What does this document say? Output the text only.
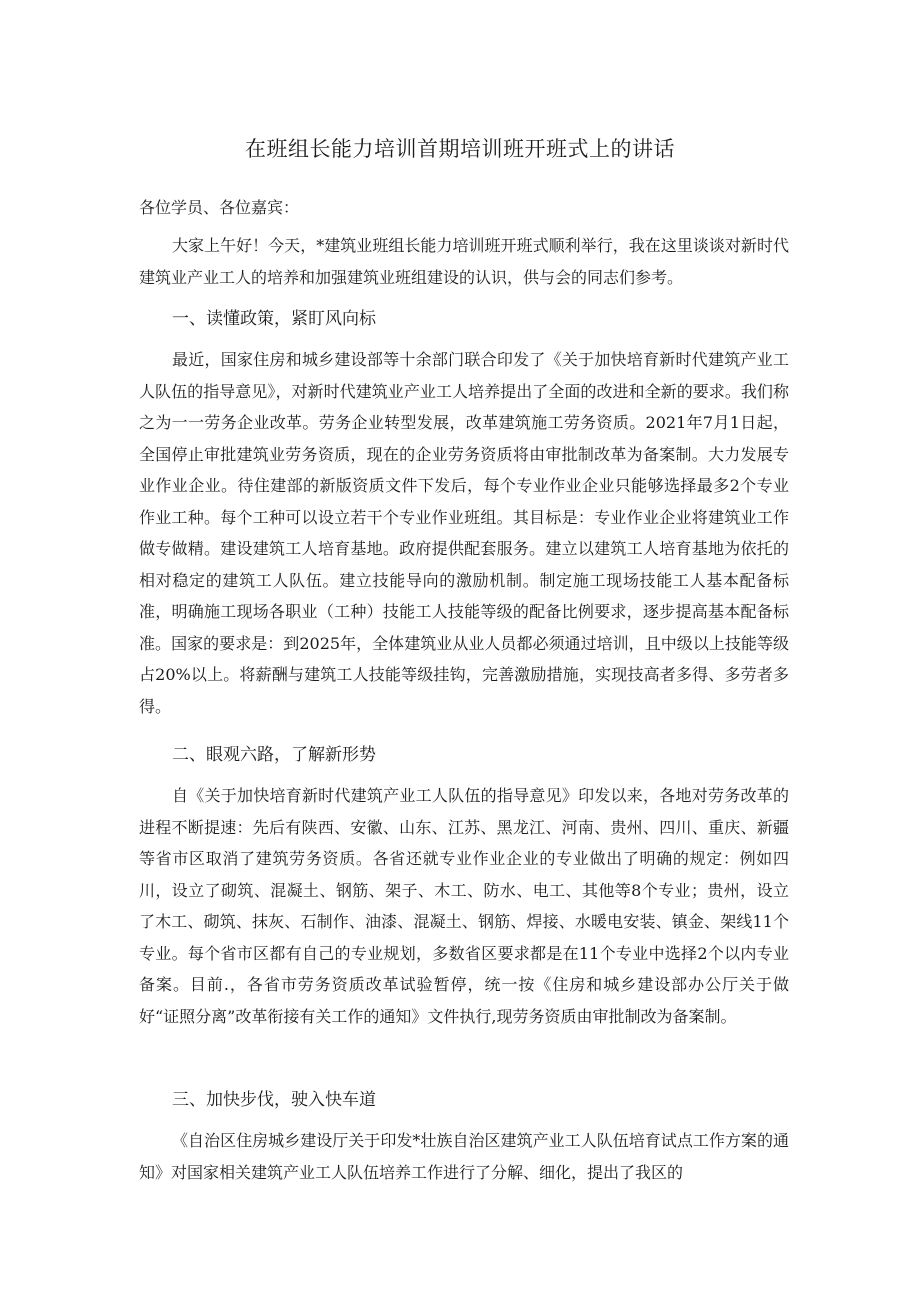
在班组长能力培训首期培训班开班式上的讲话
各位学员、各位嘉宾：

大家上午好！今天，*建筑业班组长能力培训班开班式顺利举行，我在这里谈谈对新时代建筑业产业工人的培养和加强建筑业班组建设的认识，供与会的同志们参考。

一、读懂政策，紧盯风向标

最近，国家住房和城乡建设部等十余部门联合印发了《关于加快培育新时代建筑产业工人队伍的指导意见》，对新时代建筑业产业工人培养提出了全面的改进和全新的要求。我们称之为一一劳务企业改革。劳务企业转型发展，改革建筑施工劳务资质。2021年7月1日起，全国停止审批建筑业劳务资质，现在的企业劳务资质将由审批制改革为备案制。大力发展专业作业企业。待住建部的新版资质文件下发后，每个专业作业企业只能够选择最多2个专业作业工种。每个工种可以设立若干个专业作业班组。其目标是：专业作业企业将建筑业工作做专做精。建设建筑工人培育基地。政府提供配套服务。建立以建筑工人培育基地为依托的相对稳定的建筑工人队伍。建立技能导向的激励机制。制定施工现场技能工人基本配备标准，明确施工现场各职业（工种）技能工人技能等级的配备比例要求，逐步提高基本配备标准。国家的要求是：到2025年，全体建筑业从业人员都必须通过培训，且中级以上技能等级占20%以上。将薪酬与建筑工人技能等级挂钩，完善激励措施，实现技高者多得、多劳者多得。

二、眼观六路，了解新形势

自《关于加快培育新时代建筑产业工人队伍的指导意见》印发以来，各地对劳务改革的进程不断提速：先后有陕西、安徽、山东、江苏、黑龙江、河南、贵州、四川、重庆、新疆等省市区取消了建筑劳务资质。各省还就专业作业企业的专业做出了明确的规定：例如四川，设立了砌筑、混凝土、钢筋、架子、木工、防水、电工、其他等8个专业；贵州，设立了木工、砌筑、抹灰、石制作、油漆、混凝土、钢筋、焊接、水暖电安装、镇金、架线11个专业。每个省市区都有自己的专业规划，多数省区要求都是在11个专业中选择2个以内专业备案。目前.，各省市劳务资质改革试验暂停，统一按《住房和城乡建设部办公厅关于做好“证照分离”改革衔接有关工作的通知》文件执行,现劳务资质由审批制改为备案制。

三、加快步伐，驶入快车道

《自治区住房城乡建设厅关于印发*壮族自治区建筑产业工人队伍培育试点工作方案的通知》对国家相关建筑产业工人队伍培养工作进行了分解、细化，提出了我区的
